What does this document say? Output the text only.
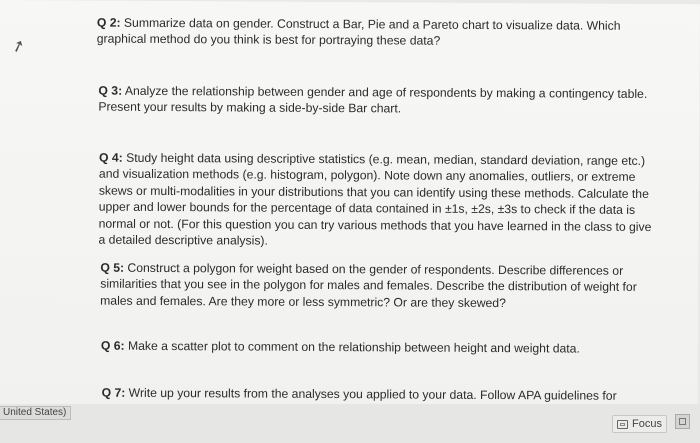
➚
Q 2: Summarize data on gender. Construct a Bar, Pie and a Pareto chart to visualize data. Which graphical method do you think is best for portraying these data?
Q 3: Analyze the relationship between gender and age of respondents by making a contingency table. Present your results by making a side-by-side Bar chart.
Q 4: Study height data using descriptive statistics (e.g. mean, median, standard deviation, range etc.) and visualization methods (e.g. histogram, polygon). Note down any anomalies, outliers, or extreme skews or multi-modalities in your distributions that you can identify using these methods. Calculate the upper and lower bounds for the percentage of data contained in ±1s, ±2s, ±3s to check if the data is normal or not. (For this question you can try various methods that you have learned in the class to give a detailed descriptive analysis).
Q 5: Construct a polygon for weight based on the gender of respondents. Describe differences or similarities that you see in the polygon for males and females. Describe the distribution of weight for males and females. Are they more or less symmetric? Or are they skewed?
Q 6: Make a scatter plot to comment on the relationship between height and weight data.
Q 7: Write up your results from the analyses you applied to your data. Follow APA guidelines for
United States)
Focus
